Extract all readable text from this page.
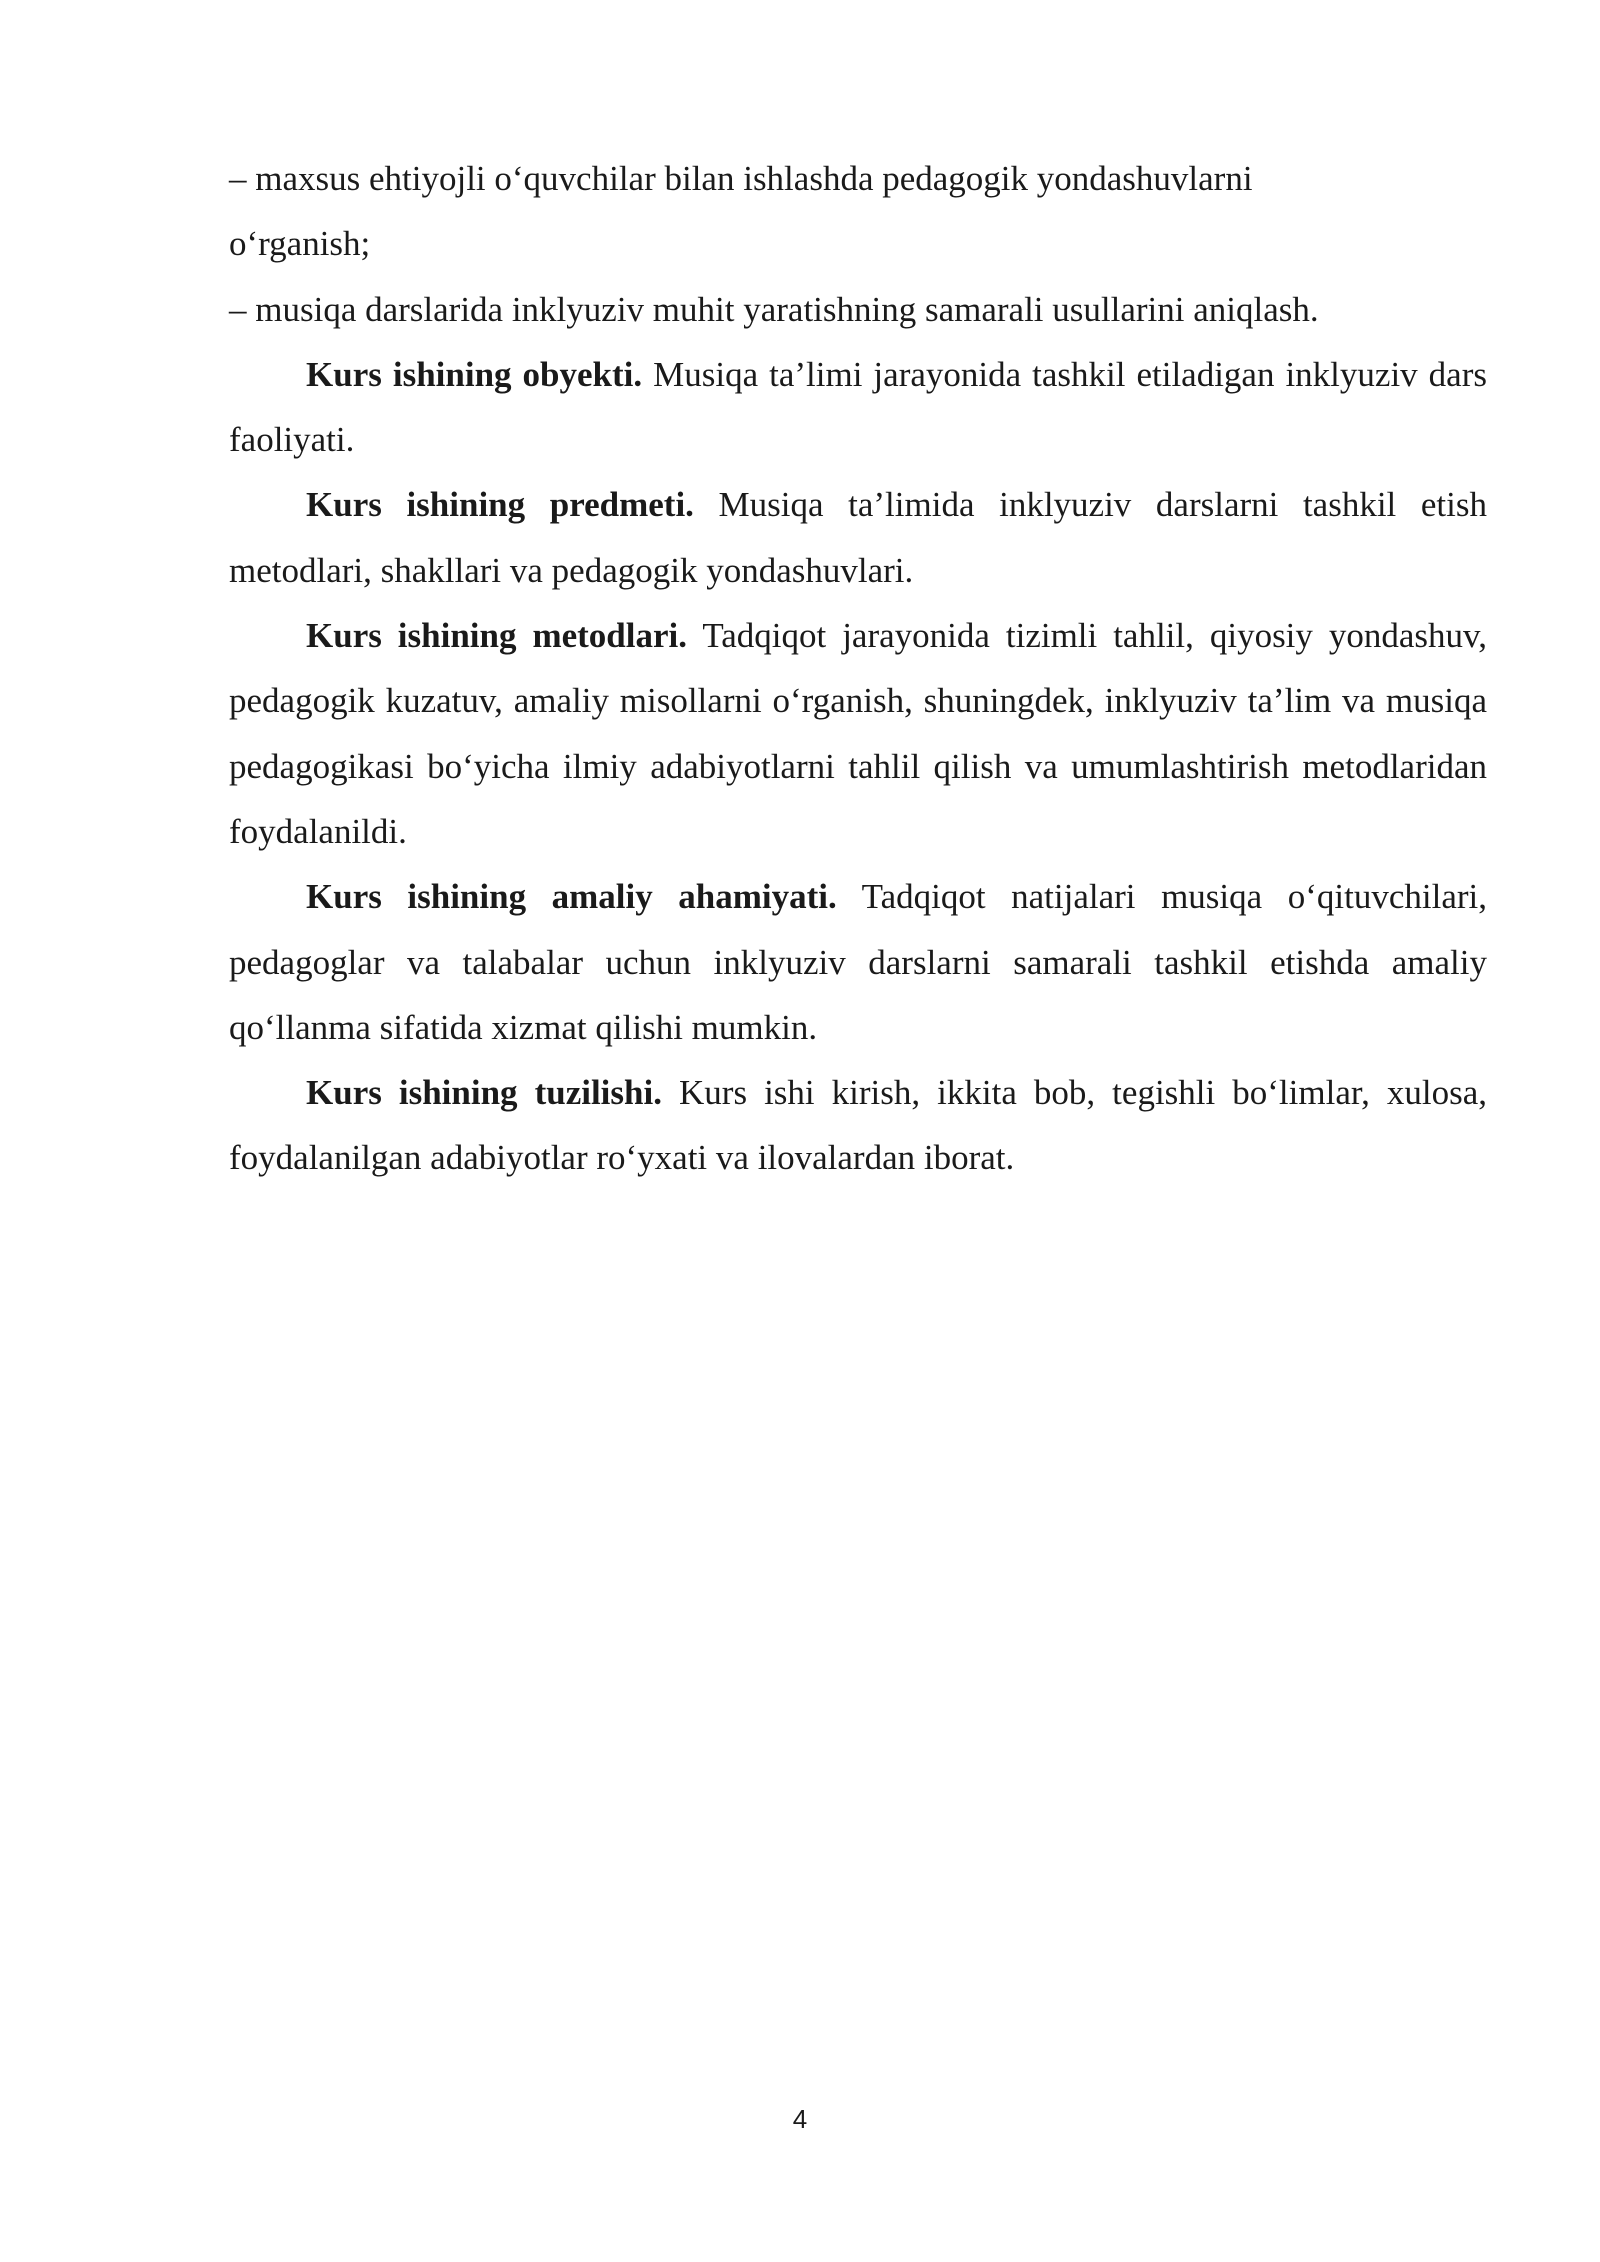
– maxsus ehtiyojli o‘quvchilar bilan ishlashda pedagogik yondashuvlarni
o‘rganish;
– musiqa darslarida inklyuziv muhit yaratishning samarali usullarini aniqlash.

Kurs ishining obyekti. Musiqa ta’limi jarayonida tashkil etiladigan inklyuziv dars faoliyati.

Kurs ishining predmeti. Musiqa ta’limida inklyuziv darslarni tashkil etish metodlari, shakllari va pedagogik yondashuvlari.

Kurs ishining metodlari. Tadqiqot jarayonida tizimli tahlil, qiyosiy yondashuv, pedagogik kuzatuv, amaliy misollarni o‘rganish, shuningdek, inklyuziv ta’lim va musiqa pedagogikasi bo‘yicha ilmiy adabiyotlarni tahlil qilish va umumlashtirish metodlaridan foydalanildi.

Kurs ishining amaliy ahamiyati. Tadqiqot natijalari musiqa o‘qituvchilari, pedagoglar va talabalar uchun inklyuziv darslarni samarali tashkil etishda amaliy qo‘llanma sifatida xizmat qilishi mumkin.

Kurs ishining tuzilishi. Kurs ishi kirish, ikkita bob, tegishli bo‘limlar, xulosa, foydalanilgan adabiyotlar ro‘yxati va ilovalardan iborat.

4
